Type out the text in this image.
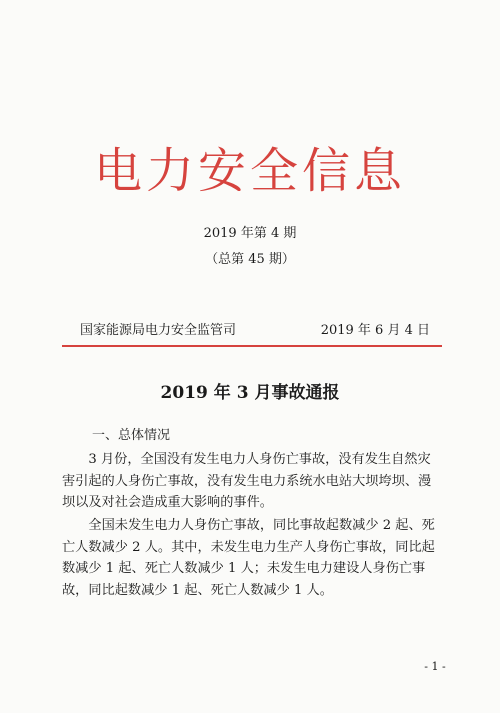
电力安全信息
2019 年第 4 期
（总第 45 期）
国家能源局电力安全监管司	2019 年 6 月 4 日
2019 年 3 月事故通报
一、总体情况

3 月份，全国没有发生电力人身伤亡事故，没有发生自然灾害引起的人身伤亡事故，没有发生电力系统水电站大坝垮坝、漫坝以及对社会造成重大影响的事件。

全国未发生电力人身伤亡事故，同比事故起数减少 2 起、死亡人数减少 2 人。其中，未发生电力生产人身伤亡事故，同比起数减少 1 起、死亡人数减少 1 人；未发生电力建设人身伤亡事故，同比起数减少 1 起、死亡人数减少 1 人。

- 1 -
